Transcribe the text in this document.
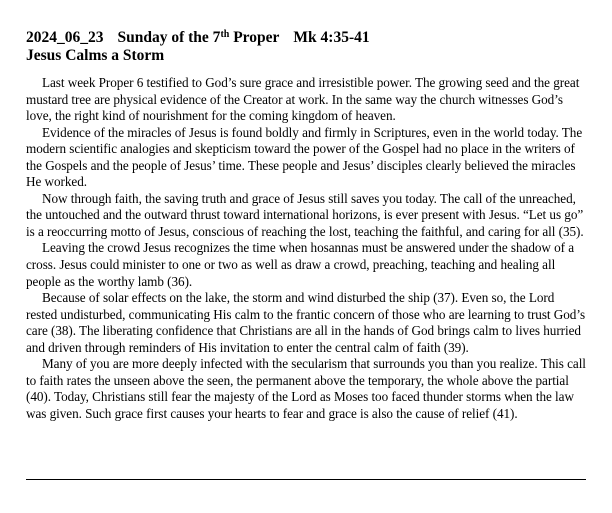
2024_06_23 Sunday of the 7th Proper Mk 4:35-41
Jesus Calms a Storm

Last week Proper 6 testified to God’s sure grace and irresistible power. The growing seed and the great mustard tree are physical evidence of the Creator at work. In the same way the church witnesses God’s love, the right kind of nourishment for the coming kingdom of heaven.

Evidence of the miracles of Jesus is found boldly and firmly in Scriptures, even in the world today. The modern scientific analogies and skepticism toward the power of the Gospel had no place in the writers of the Gospels and the people of Jesus’ time. These people and Jesus’ disciples clearly believed the miracles He worked.

Now through faith, the saving truth and grace of Jesus still saves you today. The call of the unreached, the untouched and the outward thrust toward international horizons, is ever present with Jesus. “Let us go” is a reoccurring motto of Jesus, conscious of reaching the lost, teaching the faithful, and caring for all (35).

Leaving the crowd Jesus recognizes the time when hosannas must be answered under the shadow of a cross. Jesus could minister to one or two as well as draw a crowd, preaching, teaching and healing all people as the worthy lamb (36).

Because of solar effects on the lake, the storm and wind disturbed the ship (37). Even so, the Lord rested undisturbed, communicating His calm to the frantic concern of those who are learning to trust God’s care (38). The liberating confidence that Christians are all in the hands of God brings calm to lives hurried and driven through reminders of His invitation to enter the central calm of faith (39).

Many of you are more deeply infected with the secularism that surrounds you than you realize. This call to faith rates the unseen above the seen, the permanent above the temporary, the whole above the partial (40). Today, Christians still fear the majesty of the Lord as Moses too faced thunder storms when the law was given. Such grace first causes your hearts to fear and grace is also the cause of relief (41).
